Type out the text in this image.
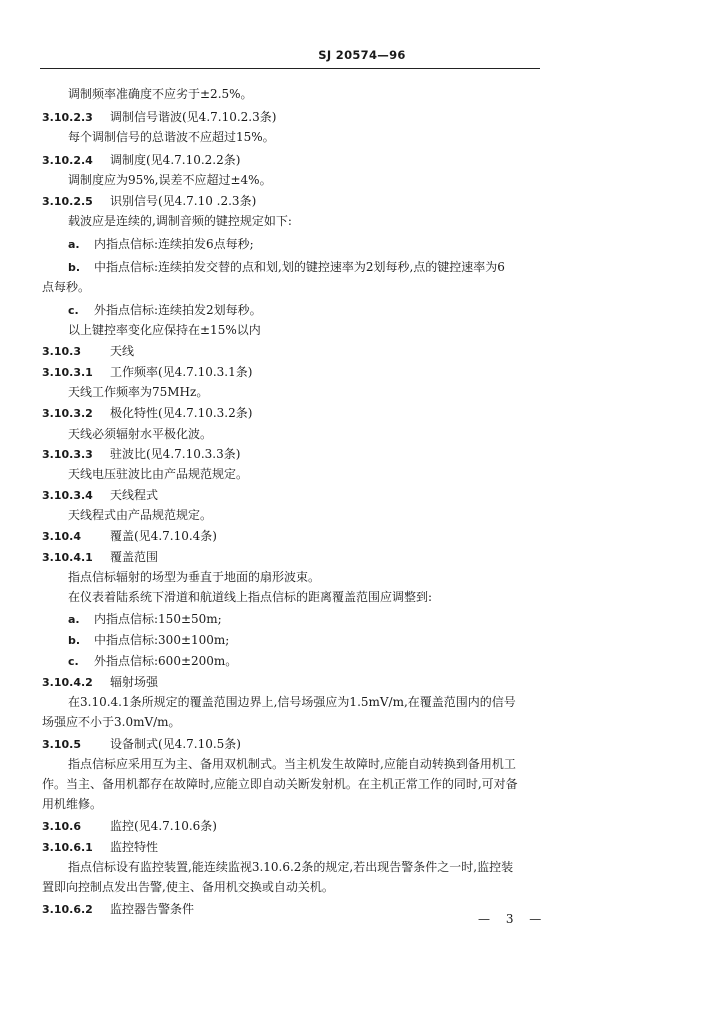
SJ 20574—96
调制频率准确度不应劣于±2.5%。
3.10.2.3 调制信号谐波(见4.7.10.2.3条)
每个调制信号的总谐波不应超过15%。
3.10.2.4 调制度(见4.7.10.2.2条)
调制度应为95%,误差不应超过±4%。
3.10.2.5 识别信号(见4.7.10 .2.3条)
载波应是连续的,调制音频的键控规定如下:
a. 内指点信标:连续拍发6点每秒;
b. 中指点信标:连续拍发交替的点和划,划的键控速率为2划每秒,点的键控速率为6
点每秒。
c. 外指点信标:连续拍发2划每秒。
以上键控率变化应保持在±15%以内
3.10.3 天线
3.10.3.1 工作频率(见4.7.10.3.1条)
天线工作频率为75MHz。
3.10.3.2 极化特性(见4.7.10.3.2条)
天线必须辐射水平极化波。
3.10.3.3 驻波比(见4.7.10.3.3条)
天线电压驻波比由产品规范规定。
3.10.3.4 天线程式
天线程式由产品规范规定。
3.10.4 覆盖(见4.7.10.4条)
3.10.4.1 覆盖范围
指点信标辐射的场型为垂直于地面的扇形波束。
在仪表着陆系统下滑道和航道线上指点信标的距离覆盖范围应调整到:
a. 内指点信标:150±50m;
b. 中指点信标:300±100m;
c. 外指点信标:600±200m。
3.10.4.2 辐射场强
在3.10.4.1条所规定的覆盖范围边界上,信号场强应为1.5mV/m,在覆盖范围内的信号
场强应不小于3.0mV/m。
3.10.5 设备制式(见4.7.10.5条)
指点信标应采用互为主、备用双机制式。当主机发生故障时,应能自动转换到备用机工
作。当主、备用机都存在故障时,应能立即自动关断发射机。在主机正常工作的同时,可对备
用机维修。
3.10.6 监控(见4.7.10.6条)
3.10.6.1 监控特性
指点信标设有监控装置,能连续监视3.10.6.2条的规定,若出现告警条件之一时,监控装
置即向控制点发出告警,使主、备用机交换或自动关机。
3.10.6.2 监控器告警条件
— 3 —
